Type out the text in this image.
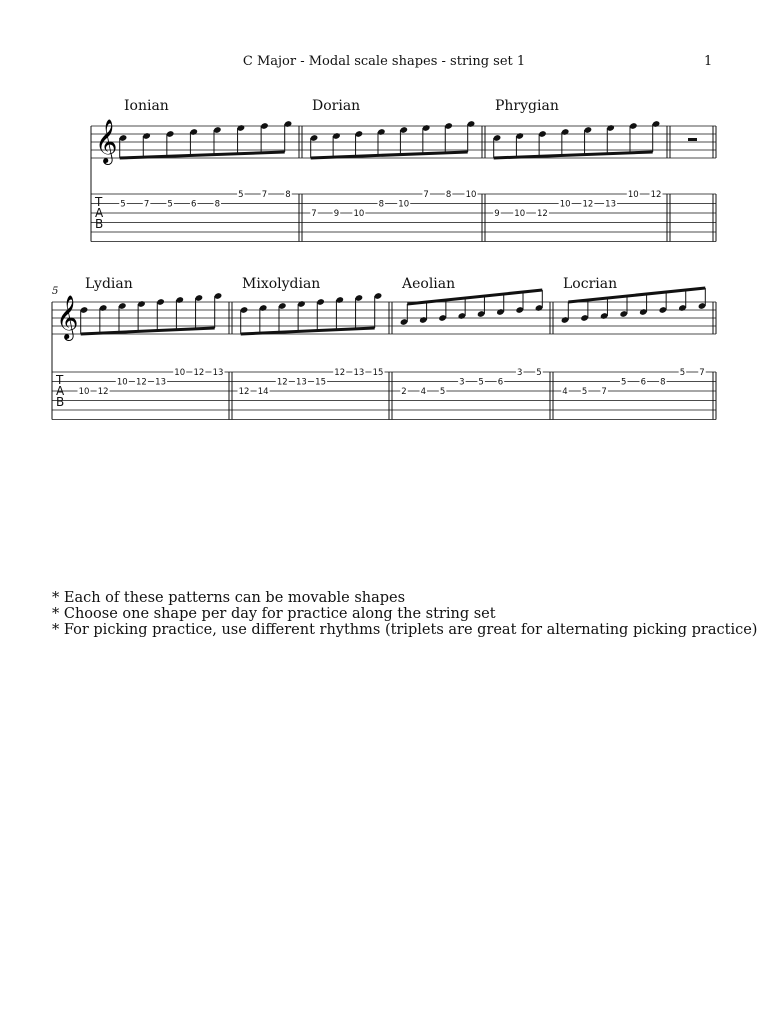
C Major - Modal scale shapes - string set 1	1
𝄞
T
A
B
Ionian
5 7 5 6 8
5 7 8
Dorian
7 9 10
8 10
7 8 10
Phrygian
9 10 12
10 12 13
10 12
𝄞
T
A
B
5 Lydian
10 12
10 12 13
10 12 13
Mixolydian
12 14
12 13 15
12 13 15
Aeolian
2 4 5
3 5 6
3 5
Locrian
4 5 7
5 6 8
5 7
* Each of these patterns can be movable shapes
* Choose one shape per day for practice along the string set
* For picking practice, use different rhythms (triplets are great for alternating picking practice)
